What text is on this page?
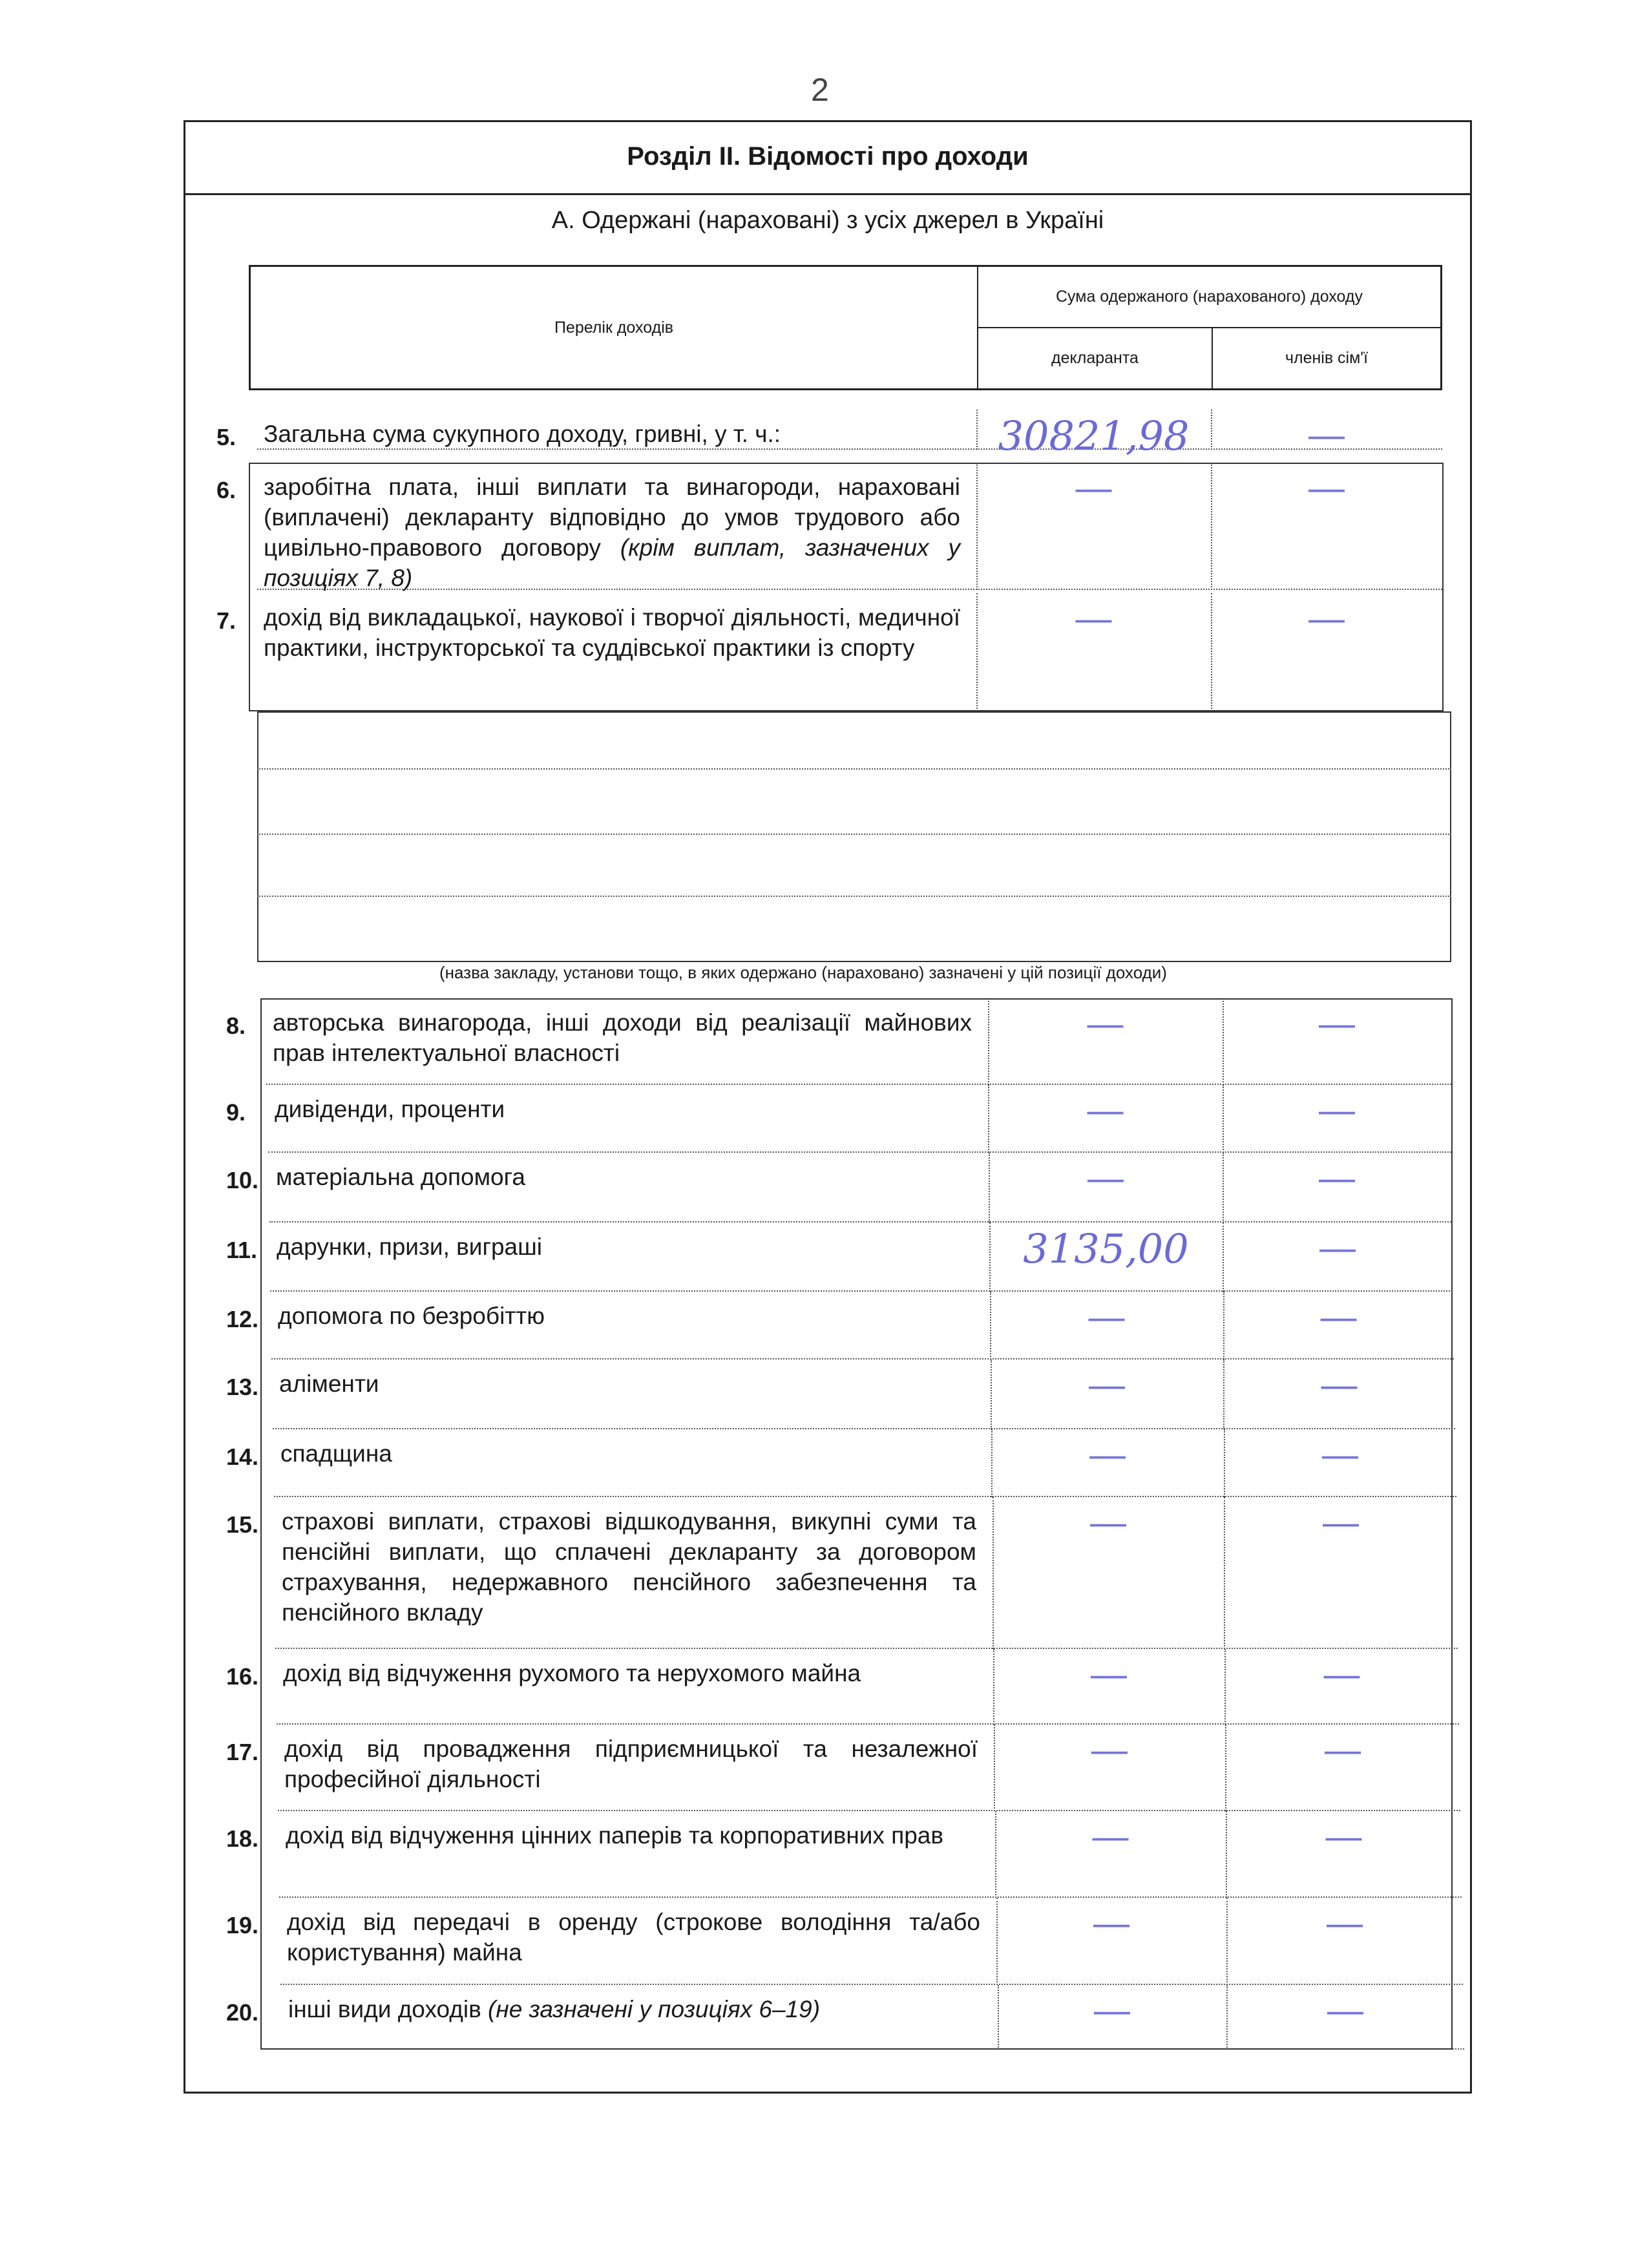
2
Розділ ІІ. Відомості про доходи
А. Одержані (нараховані) з усіх джерел в Україні
Перелік доходів
Сума одержаного (нарахованого) доходу
декларанта	членів сім'ї
5. Загальна сума сукупного доходу, гривні, у т. ч.:	30821,98	—
6. заробітна плата, інші виплати та винагороди, нараховані (виплачені) декларанту відповідно до умов трудового або цивільно-правового договору (крім виплат, зазначених у позиціях 7, 8)
—	—
7. дохід від викладацької, наукової і творчої діяльності, медичної практики, інструкторської та суддівської практики із спорту
—	—
8. авторська винагорода, інші доходи від реалізації майнових прав інтелектуальної власності
—	—
9. дивіденди, проценти	—	—
10. матеріальна допомога	—	—
11. дарунки, призи, виграші	3135,00	—
12. допомога по безробіттю	—	—
13. аліменти	—	—
14. спадщина	—	—
15. страхові виплати, страхові відшкодування, викупні суми та пенсійні виплати, що сплачені декларанту за договором страхування, недержавного пенсійного забезпечення та пенсійного вкладу
—	—
16. дохід від відчуження рухомого та нерухомого майна	—	—
17. дохід від провадження підприємницької та незалежної професійної діяльності
—	—
18. дохід від відчуження цінних паперів та корпоративних прав	—	—
19. дохід від передачі в оренду (строкове володіння та/або користування) майна
—	—
20. інші види доходів (не зазначені у позиціях 6–19)	—	—
(назва закладу, установи тощо, в яких одержано (нараховано) зазначені у цій позиції доходи)
